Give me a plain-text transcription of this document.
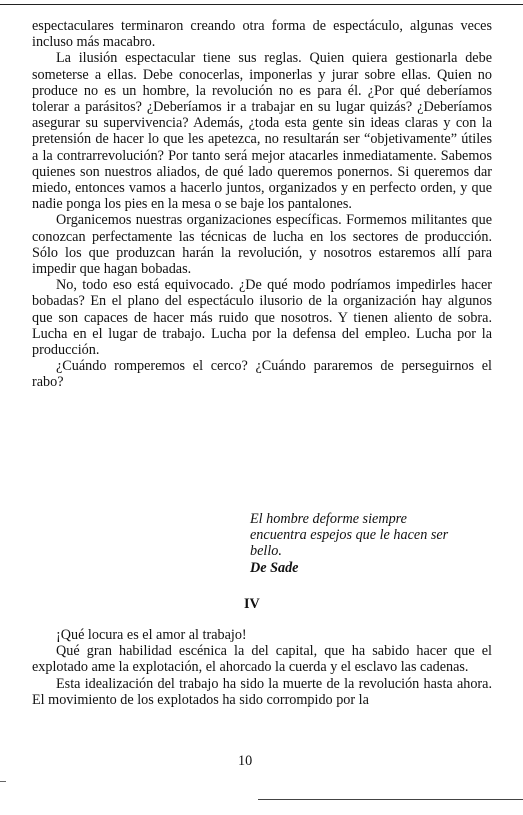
espectaculares terminaron creando otra forma de espectáculo, algunas veces incluso más macabro.

La ilusión espectacular tiene sus reglas. Quien quiera gestionarla debe someterse a ellas. Debe conocerlas, imponerlas y jurar sobre ellas. Quien no produce no es un hombre, la revolución no es para él. ¿Por qué deberíamos tolerar a parásitos? ¿Deberíamos ir a trabajar en su lugar quizás? ¿Deberíamos asegurar su supervivencia? Además, ¿toda esta gente sin ideas claras y con la pretensión de hacer lo que les apetezca, no resultarán ser “objetivamente” útiles a la contrarrevolución? Por tanto será mejor atacarles inmediatamente. Sabemos quienes son nuestros aliados, de qué lado queremos ponernos. Si queremos dar miedo, entonces vamos a hacerlo juntos, organizados y en perfecto orden, y que nadie ponga los pies en la mesa o se baje los pantalones.

Organicemos nuestras organizaciones específicas. Formemos militantes que conozcan perfectamente las técnicas de lucha en los sectores de producción. Sólo los que produzcan harán la revolución, y nosotros estaremos allí para impedir que hagan bobadas.

No, todo eso está equivocado. ¿De qué modo podríamos impedirles hacer bobadas? En el plano del espectáculo ilusorio de la organización hay algunos que son capaces de hacer más ruido que nosotros. Y tienen aliento de sobra. Lucha en el lugar de trabajo. Lucha por la defensa del empleo. Lucha por la producción.

¿Cuándo romperemos el cerco? ¿Cuándo pararemos de perseguirnos el rabo?

El hombre deforme siempre
encuentra espejos que le hacen ser
bello.
De Sade
IV

¡Qué locura es el amor al trabajo!

Qué gran habilidad escénica la del capital, que ha sabido hacer que el explotado ame la explotación, el ahorcado la cuerda y el esclavo las cadenas.

Esta idealización del trabajo ha sido la muerte de la revolución hasta ahora. El movimiento de los explotados ha sido corrompido por la

10
